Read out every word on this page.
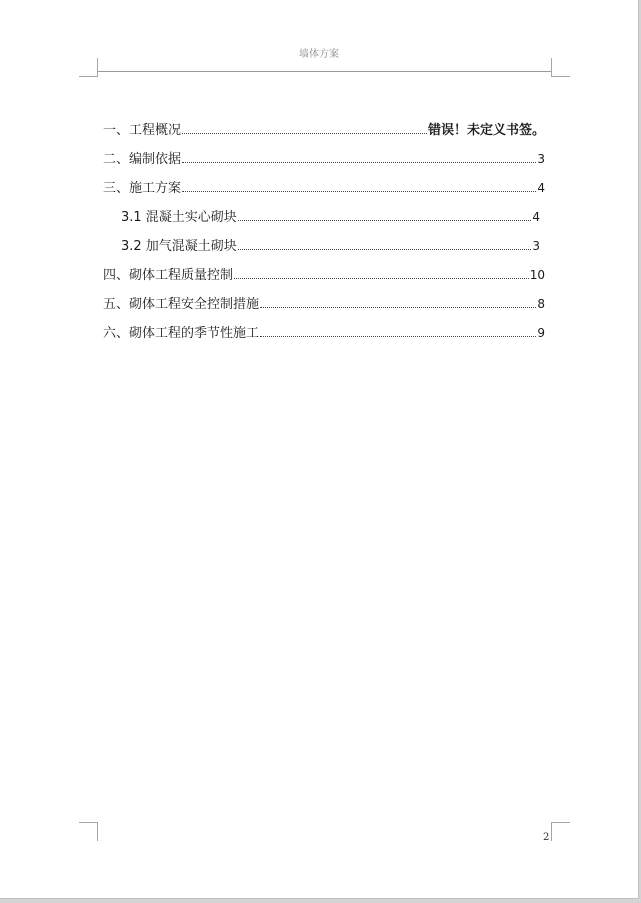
墙体方案
一、工程概况	错误！未定义书签。
二、编制依据	3
三、施工方案	4
3.1 混凝土实心砌块	4
3.2 加气混凝土砌块	3
四、砌体工程质量控制	10
五、砌体工程安全控制措施	8
六、砌体工程的季节性施工	9
2
